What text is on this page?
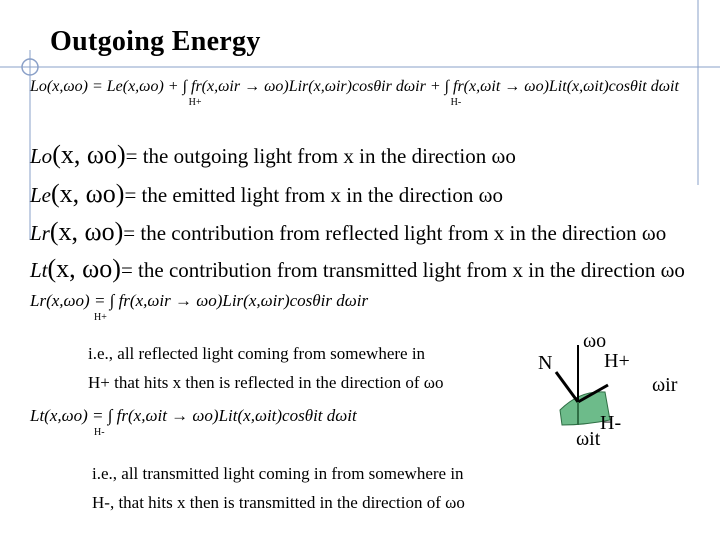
Outgoing Energy
Lo(x,ωo) = Le(x,ωo) + ∫ fr(x,ωir → ωo)Lir(x,ωir)cosθir dωir
H+
+ ∫ fr(x,ωit → ωo)Lit(x,ωit)cosθit dωit
H-
Lo(x, ωo)= the outgoing light from x in the direction ωo
Le(x, ωo)= the emitted light from x in the direction ωo
Lr(x, ωo)= the contribution from reflected light from x in the direction ωo
Lt(x, ωo)= the contribution from transmitted light from x in the direction ωo
Lr(x,ωo) = ∫ fr(x,ωir → ωo)Lir(x,ωir)cosθir dωir
H+
i.e., all reflected light coming from somewhere in
H+ that hits x then is reflected in the direction of ωo
Lt(x,ωo) = ∫ fr(x,ωit → ωo)Lit(x,ωit)cosθit dωit
H-
i.e., all transmitted light coming in from somewhere in
H-, that hits x then is transmitted in the direction of ωo
ωo
N	H+
ωir
ωit
H-
